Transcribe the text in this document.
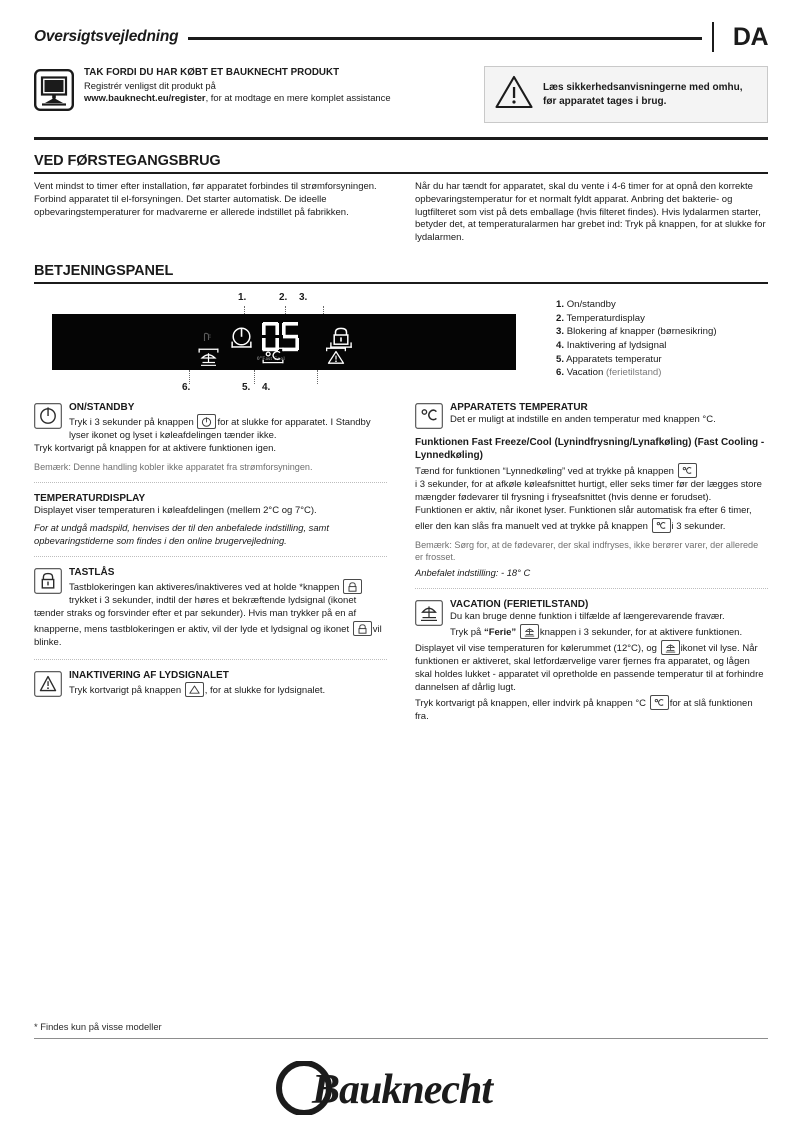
Oversigtsvejledning	DA
TAK FORDI DU HAR KØBT ET BAUKNECHT PRODUKT
Registrér venligst dit produkt på
www.bauknecht.eu/register, for at modtage en mere komplet assistance
Læs sikkerhedsanvisningerne med omhu, før apparatet tages i brug.
VED FØRSTEGANGSBRUG

Vent mindst to timer efter installation, før apparatet forbindes til strømforsyningen. Forbind apparatet til el-forsyningen. Det starter automatisk. De ideelle opbevaringstemperaturer for madvarerne er allerede indstillet på fabrikken.

Når du har tændt for apparatet, skal du vente i 4-6 timer for at opnå den korrekte opbevaringstemperatur for et normalt fyldt apparat. Anbring det bakterie- og lugtfilteret som vist på dets emballage (hvis filteret findes). Hvis lydalarmen starter, betyder det, at temperaturalarmen har grebet ind: Tryk på knappen, for at slukke for lydalarmen.

BETJENINGSPANEL
1.	2. 3.
0°Fast Cool
6.	5. 4.
1. On/standby
2. Temperaturdisplay
3. Blokering af knapper (børnesikring)
4. Inaktivering af lydsignal
5. Apparatets temperatur
6. Vacation (ferietilstand)
ON/STANDBY
Tryk i 3 sekunder på knappen for at slukke for apparatet. I Standby lyser ikonet og lyset i køleafdelingen tænder ikke.
Tryk kortvarigt på knappen for at aktivere funktionen igen.
Bemærk: Denne handling kobler ikke apparatet fra strømforsyningen.
TEMPERATURDISPLAY
Displayet viser temperaturen i køleafdelingen (mellem 2°C og 7°C).
For at undgå madspild, henvises der til den anbefalede indstilling, samt opbevaringstiderne som findes i den online brugervejledning.
TASTLÅS
Tastblokeringen kan aktiveres/inaktiveres ved at holde *knappen
trykket i 3 sekunder, indtil der høres et bekræftende lydsignal (ikonet tænder straks og forsvinder efter et par sekunder). Hvis man trykker på en af knapperne, mens tastblokeringen er aktiv, vil der lyde et lydsignal og ikonet vil blinke.
INAKTIVERING AF LYDSIGNALET
Tryk kortvarigt på knappen , for at slukke for lydsignalet.
APPARATETS TEMPERATUR
Det er muligt at indstille en anden temperatur med knappen °C.
Funktionen Fast Freeze/Cool (Lynindfrysning/Lynafkøling) (Fast Cooling - Lynnedkøling)
Tænd for funktionen “Lynnedkøling” ved at trykke på knappen

i 3 sekunder, for at afkøle køleafsnittet hurtigt, eller seks timer før der lægges store mængder fødevarer til frysning i fryseafsnittet (hvis denne er forudset).
Funktionen er aktiv, når ikonet lyser. Funktionen slår automatisk fra efter 6 timer, eller den kan slås fra manuelt ved at trykke på knappen i 3 sekunder.
Bemærk: Sørg for, at de fødevarer, der skal indfryses, ikke berører varer, der allerede er frosset.
Anbefalet indstilling: - 18° C
VACATION (FERIETILSTAND)
Du kan bruge denne funktion i tilfælde af længerevarende fravær.
Tryk på “Ferie” knappen i 3 sekunder, for at aktivere funktionen. Displayet vil vise temperaturen for kølerummet (12°C), og ikonet vil lyse. Når funktionen er aktiveret, skal letfordærvelige varer fjernes fra apparatet, og lågen skal holdes lukket - apparatet vil opretholde en passende temperatur til at forhindre dannelsen af dårlig lugt.
Tryk kortvarigt på knappen, eller indvirk på knappen °C for at slå funktionen fra.
* Findes kun på visse modeller
Bauknecht
